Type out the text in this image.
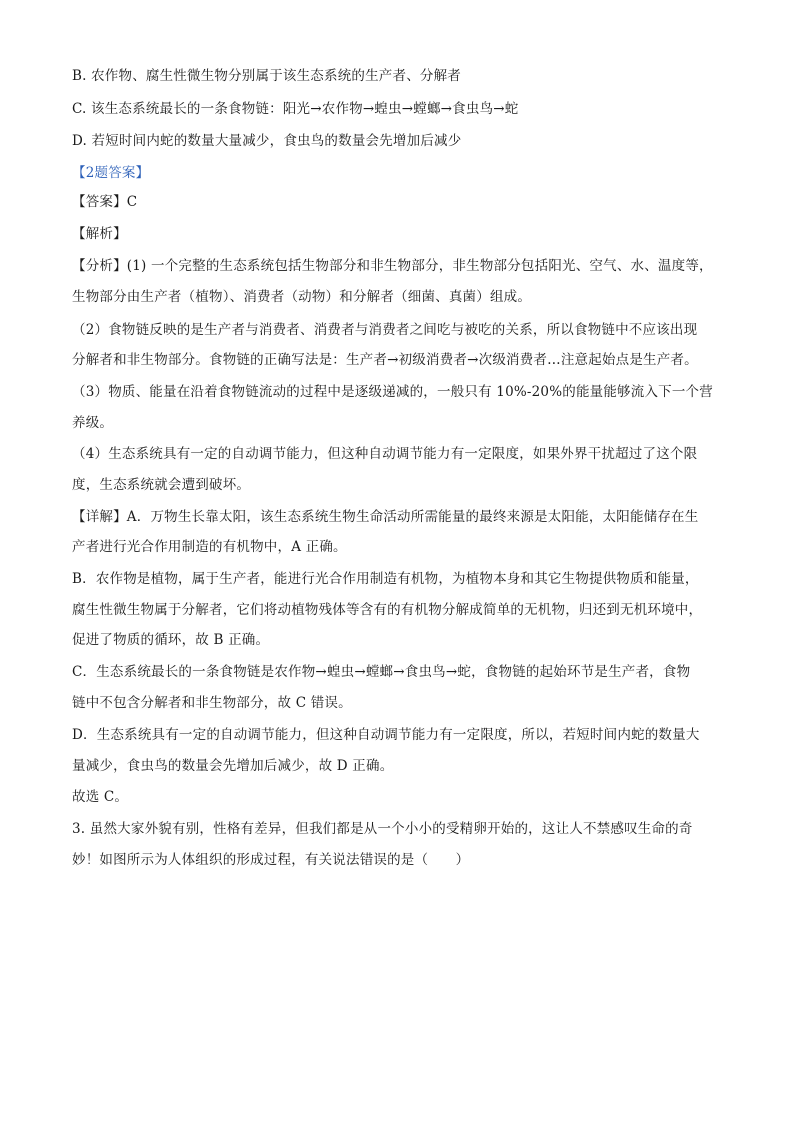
B. 农作物、腐生性微生物分别属于该生态系统的生产者、分解者
C. 该生态系统最长的一条食物链：阳光→农作物→蝗虫→螳螂→食虫鸟→蛇
D. 若短时间内蛇的数量大量减少，食虫鸟的数量会先增加后减少
【2题答案】
【答案】C
【解析】
【分析】(1) 一个完整的生态系统包括生物部分和非生物部分，非生物部分包括阳光、空气、水、温度等，
生物部分由生产者（植物）、消费者（动物）和分解者（细菌、真菌）组成。
（2）食物链反映的是生产者与消费者、消费者与消费者之间吃与被吃的关系，所以食物链中不应该出现
分解者和非生物部分。食物链的正确写法是：生产者→初级消费者→次级消费者…注意起始点是生产者。
（3）物质、能量在沿着食物链流动的过程中是逐级递减的，一般只有 10%-20%的能量能够流入下一个营
养级。
（4）生态系统具有一定的自动调节能力，但这种自动调节能力有一定限度，如果外界干扰超过了这个限
度，生态系统就会遭到破坏。
【详解】A．万物生长靠太阳，该生态系统生物生命活动所需能量的最终来源是太阳能，太阳能储存在生
产者进行光合作用制造的有机物中，A 正确。
B．农作物是植物，属于生产者，能进行光合作用制造有机物，为植物本身和其它生物提供物质和能量，
腐生性微生物属于分解者，它们将动植物残体等含有的有机物分解成简单的无机物，归还到无机环境中，
促进了物质的循环，故 B 正确。
C．生态系统最长的一条食物链是农作物→蝗虫→螳螂→食虫鸟→蛇，食物链的起始环节是生产者，食物
链中不包含分解者和非生物部分，故 C 错误。
D．生态系统具有一定的自动调节能力，但这种自动调节能力有一定限度，所以，若短时间内蛇的数量大
量减少，食虫鸟的数量会先增加后减少，故 D 正确。
故选 C。
3. 虽然大家外貌有别，性格有差异，但我们都是从一个小小的受精卵开始的，这让人不禁感叹生命的奇
妙！如图所示为人体组织的形成过程，有关说法错误的是（　　）
